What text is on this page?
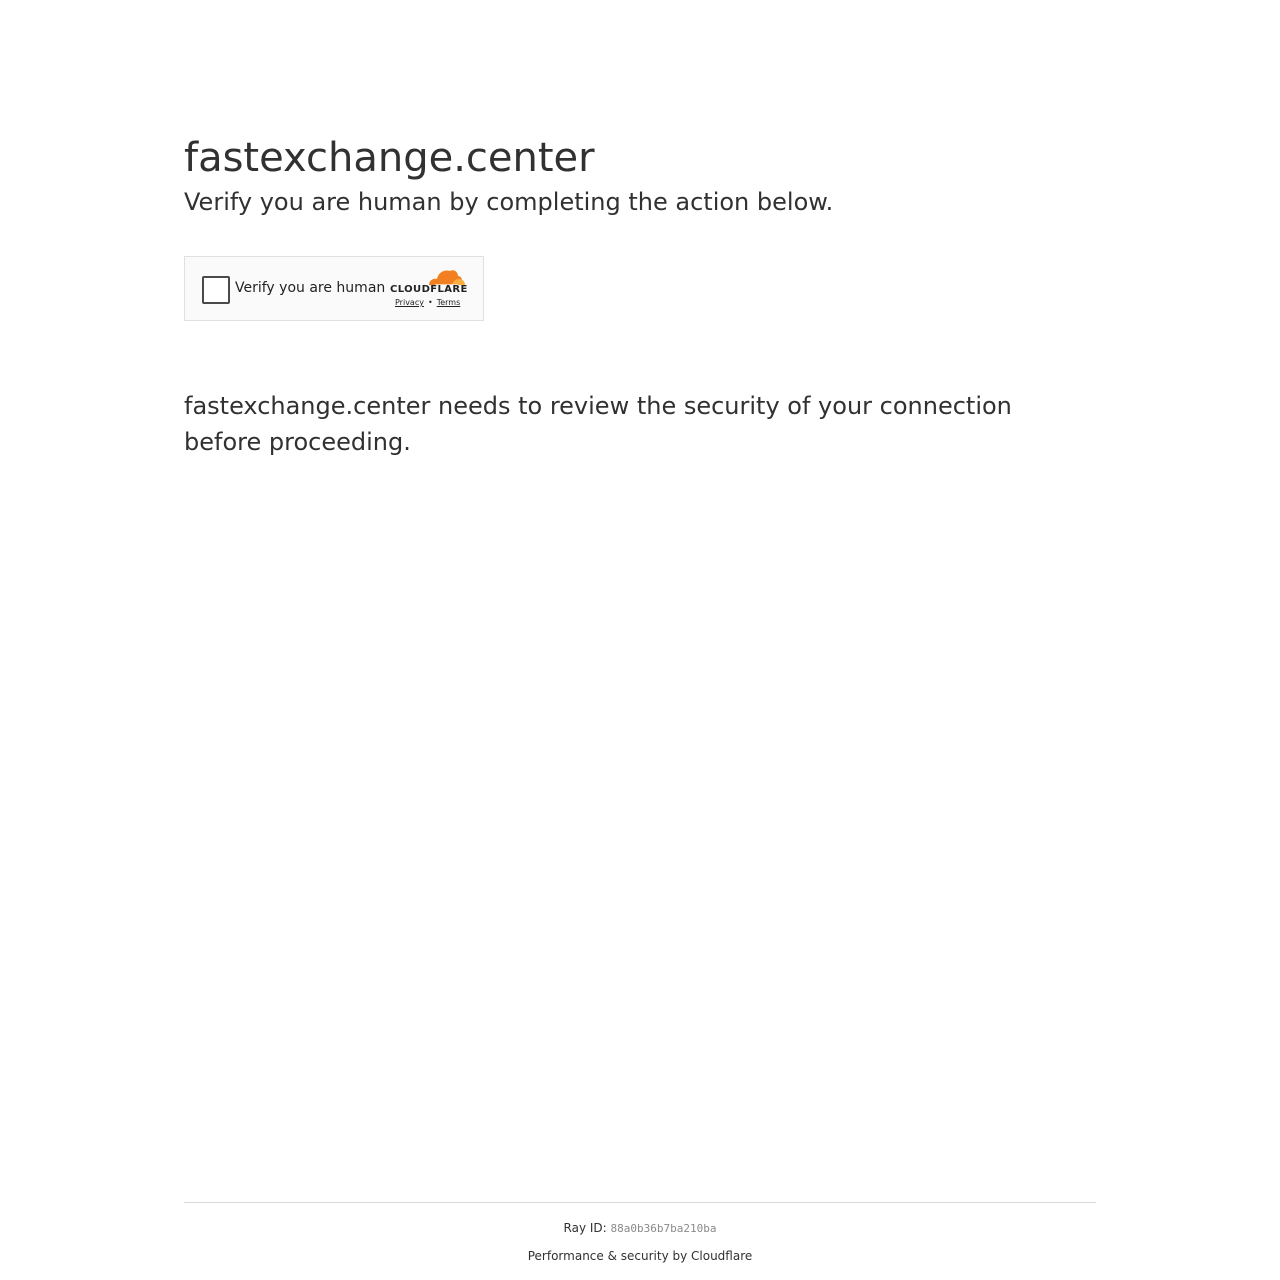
fastexchange.center

Verify you are human by completing the action below.

Verify you are human CLOUDFLARE
Privacy • Terms

fastexchange.center needs to review the security of your connection before proceeding.

Ray ID: 88a0b36b7ba210ba
Performance & security by Cloudflare
